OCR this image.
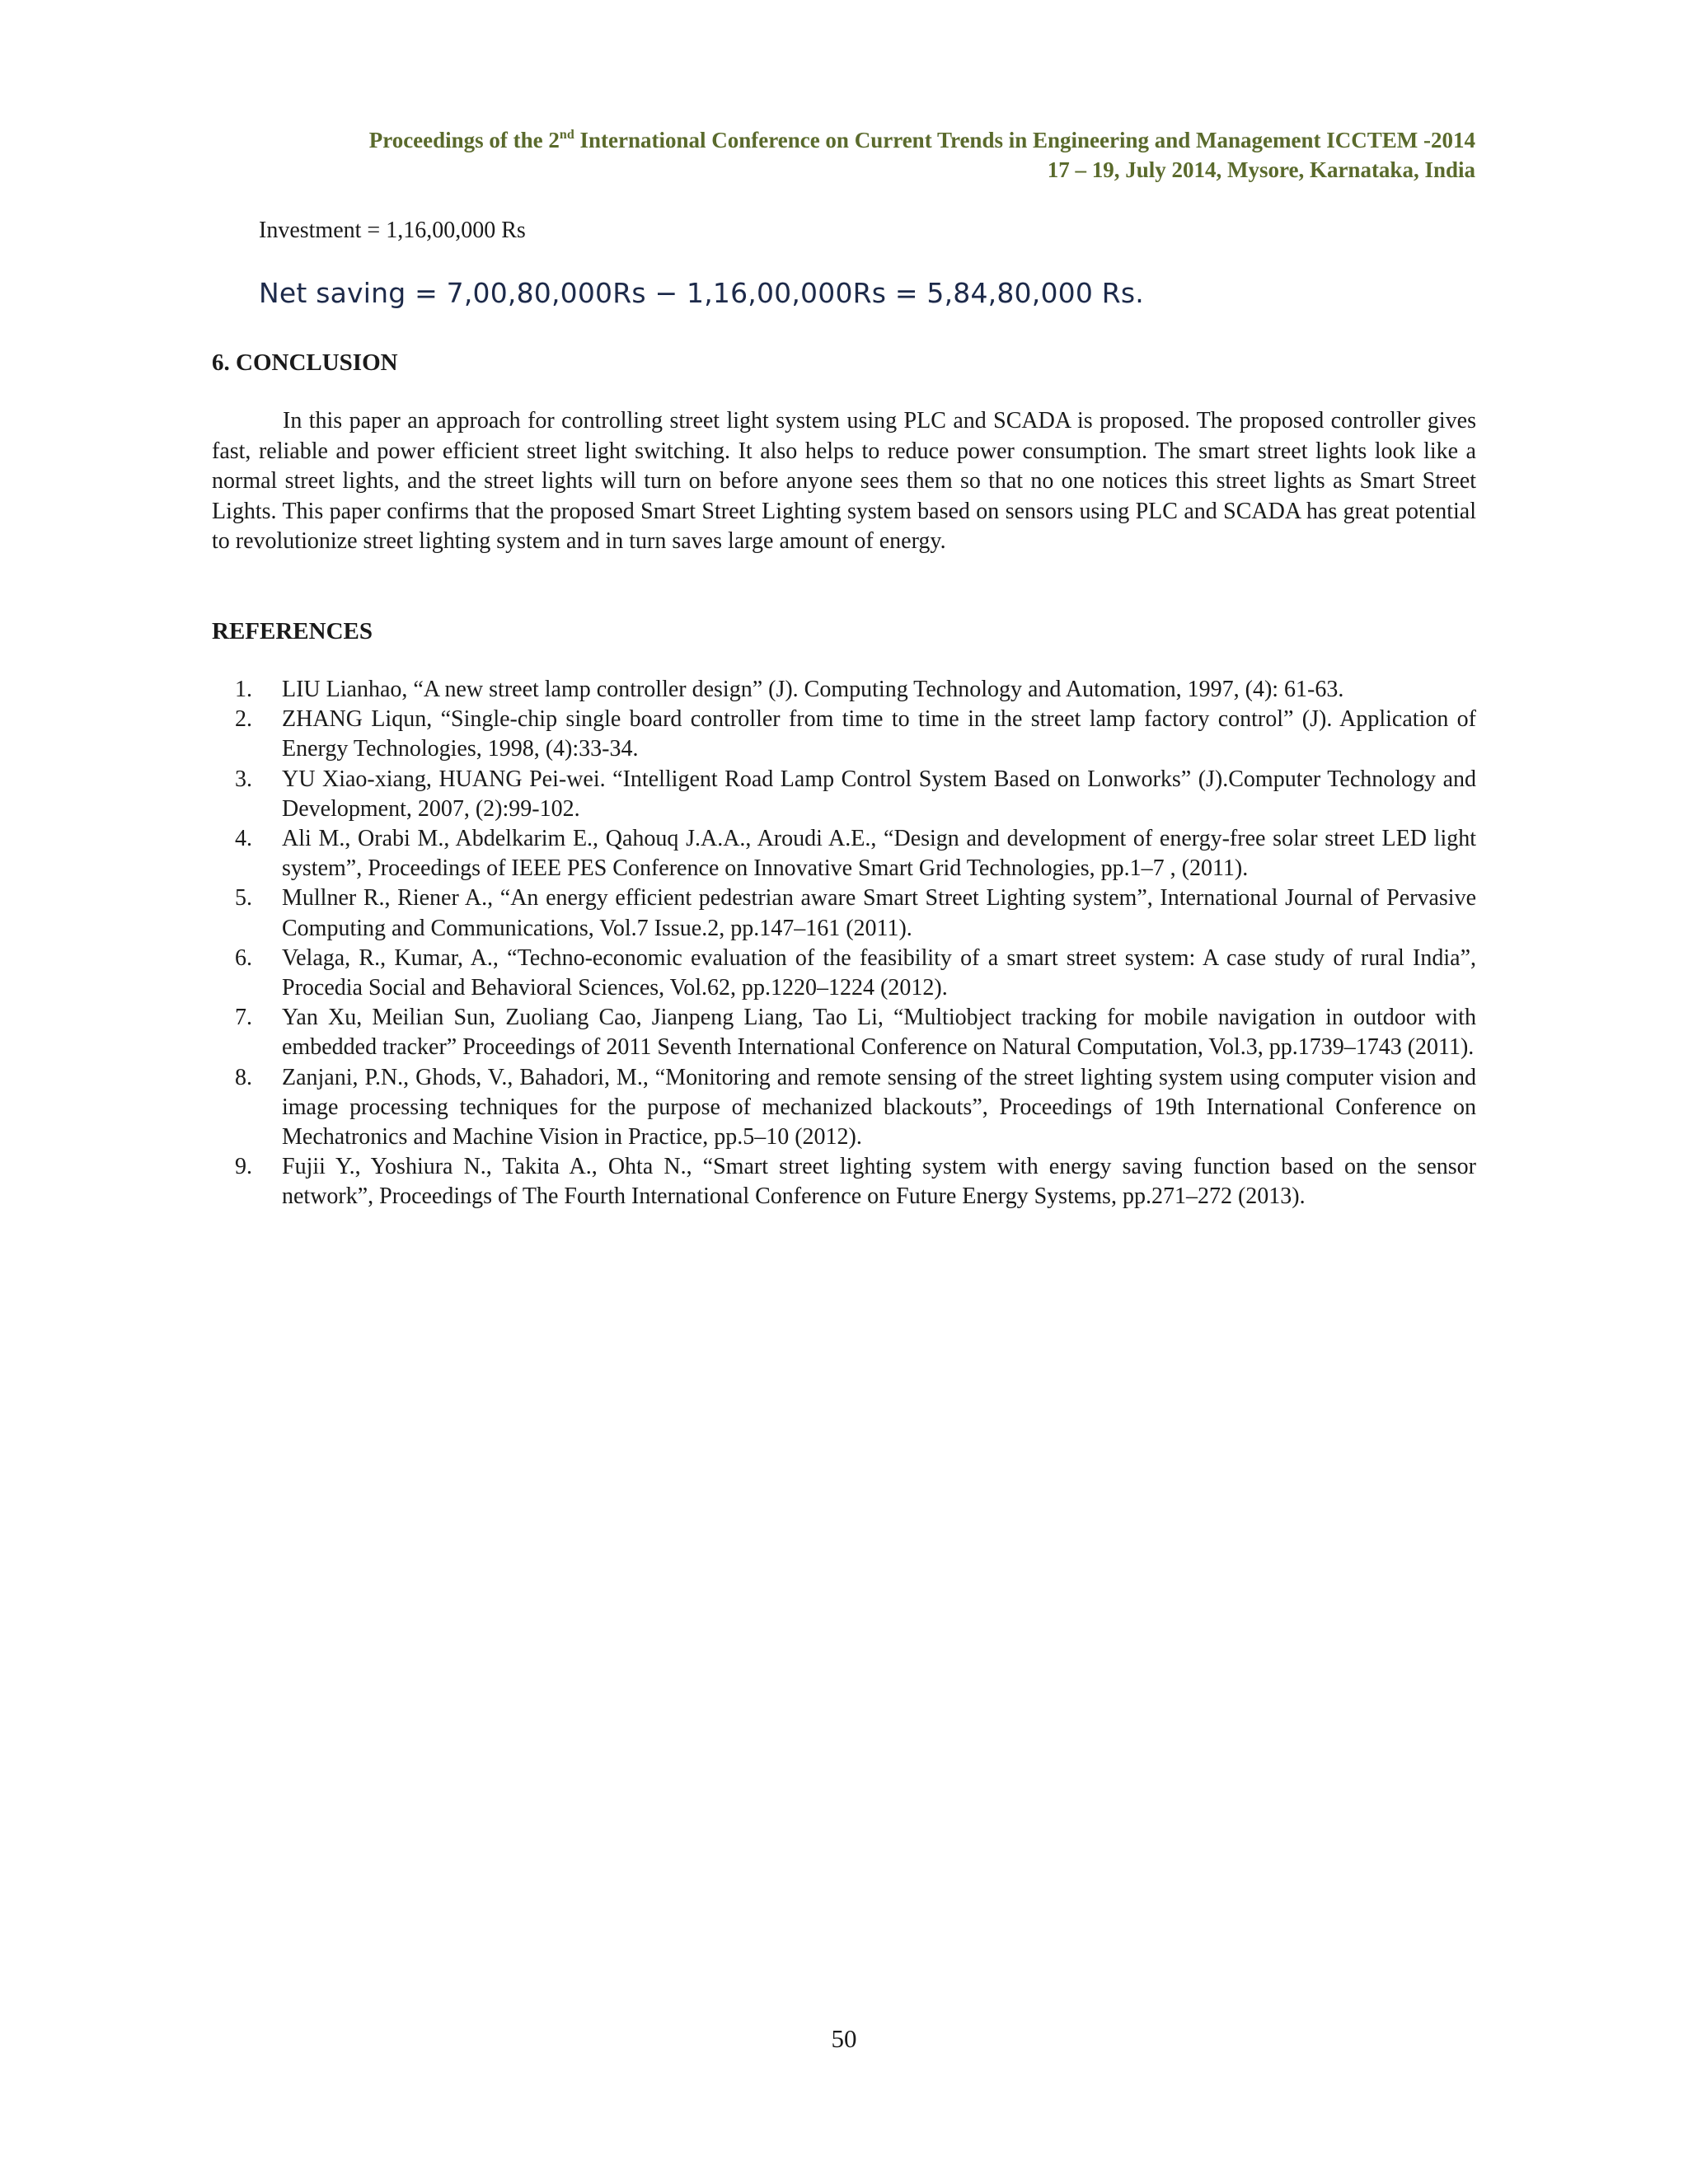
Proceedings of the 2nd International Conference on Current Trends in Engineering and Management ICCTEM -2014
17 – 19, July 2014, Mysore, Karnataka, India
Investment = 1,16,00,000 Rs
Net saving = 7,00,80,000Rs − 1,16,00,000Rs = 5,84,80,000 Rs.
6. CONCLUSION

In this paper an approach for controlling street light system using PLC and SCADA is proposed. The proposed controller gives fast, reliable and power efficient street light switching. It also helps to reduce power consumption. The smart street lights look like a normal street lights, and the street lights will turn on before anyone sees them so that no one notices this street lights as Smart Street Lights. This paper confirms that the proposed Smart Street Lighting system based on sensors using PLC and SCADA has great potential to revolutionize street lighting system and in turn saves large amount of energy.

REFERENCES
1. LIU Lianhao, “A new street lamp controller design” (J). Computing Technology and Automation, 1997, (4): 61-63.
2. ZHANG Liqun, “Single-chip single board controller from time to time in the street lamp factory control” (J). Application of Energy Technologies, 1998, (4):33-34.
3. YU Xiao-xiang, HUANG Pei-wei. “Intelligent Road Lamp Control System Based on Lonworks” (J).Computer Technology and Development, 2007, (2):99-102.
4. Ali M., Orabi M., Abdelkarim E., Qahouq J.A.A., Aroudi A.E., “Design and development of energy-free solar street LED light system”, Proceedings of IEEE PES Conference on Innovative Smart Grid Technologies, pp.1–7 , (2011).
5. Mullner R., Riener A., “An energy efficient pedestrian aware Smart Street Lighting system”, International Journal of Pervasive Computing and Communications, Vol.7 Issue.2, pp.147–161 (2011).
6. Velaga, R., Kumar, A., “Techno-economic evaluation of the feasibility of a smart street system: A case study of rural India”, Procedia Social and Behavioral Sciences, Vol.62, pp.1220–1224 (2012).
7. Yan Xu, Meilian Sun, Zuoliang Cao, Jianpeng Liang, Tao Li, “Multiobject tracking for mobile navigation in outdoor with embedded tracker” Proceedings of 2011 Seventh International Conference on Natural Computation, Vol.3, pp.1739–1743 (2011).
8. Zanjani, P.N., Ghods, V., Bahadori, M., “Monitoring and remote sensing of the street lighting system using computer vision and image processing techniques for the purpose of mechanized blackouts”, Proceedings of 19th International Conference on Mechatronics and Machine Vision in Practice, pp.5–10 (2012).
9. Fujii Y., Yoshiura N., Takita A., Ohta N., “Smart street lighting system with energy saving function based on the sensor network”, Proceedings of The Fourth International Conference on Future Energy Systems, pp.271–272 (2013).
50
